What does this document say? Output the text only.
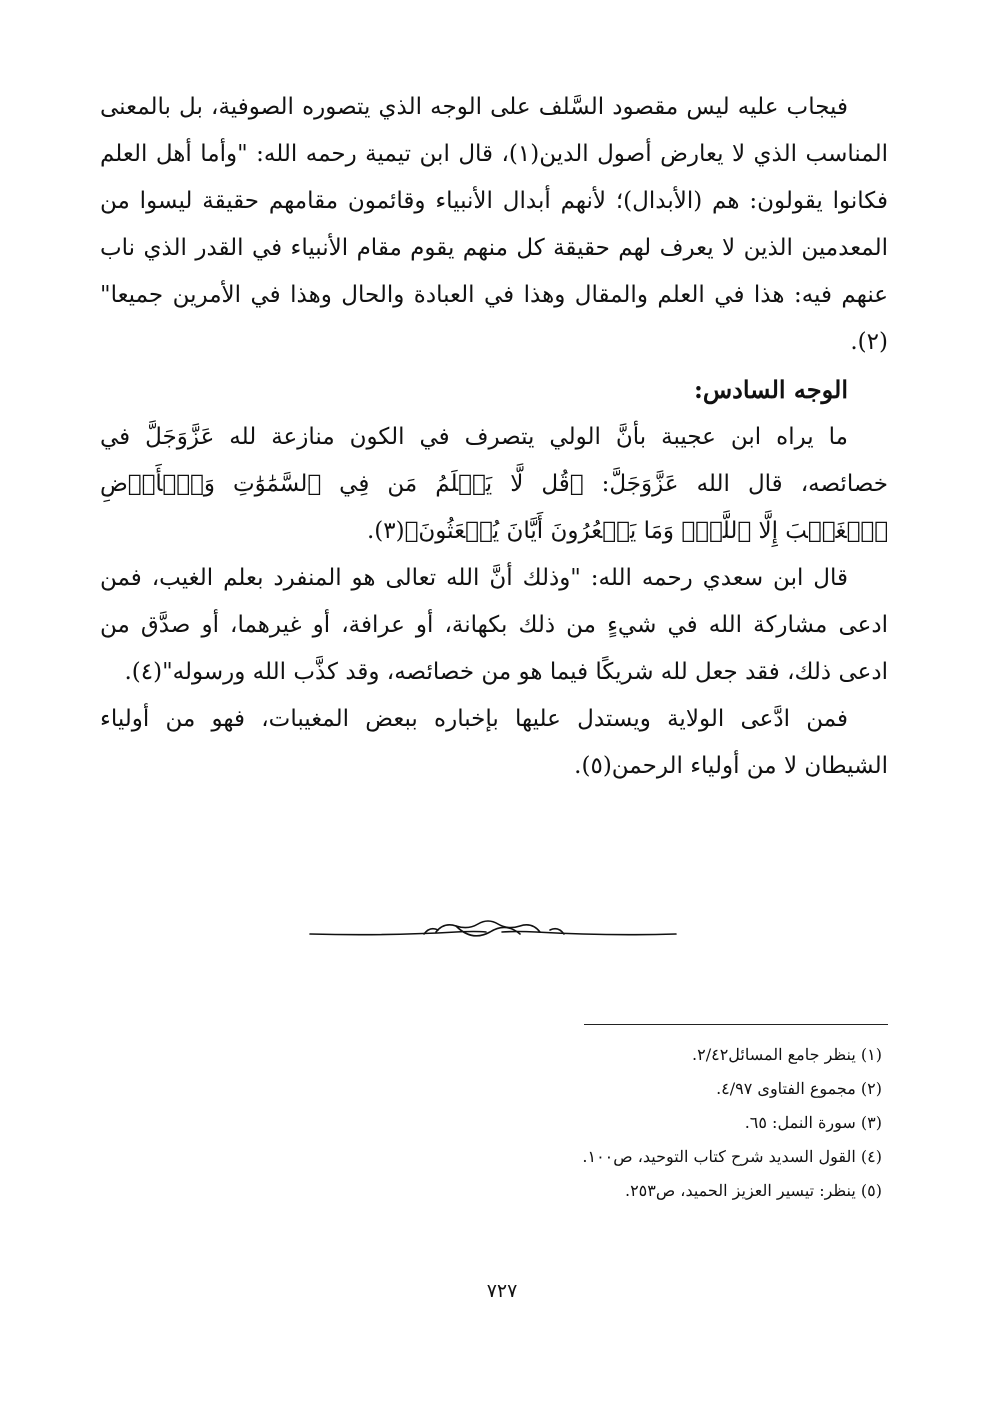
فيجاب عليه ليس مقصود السَّلف على الوجه الذي يتصوره الصوفية، بل بالمعنى المناسب الذي لا يعارض أصول الدين(١)، قال ابن تيمية رحمه الله: "وأما أهل العلم فكانوا يقولون: هم (الأبدال)؛ لأنهم أبدال الأنبياء وقائمون مقامهم حقيقة ليسوا من المعدمين الذين لا يعرف لهم حقيقة كل منهم يقوم مقام الأنبياء في القدر الذي ناب عنهم فيه: هذا في العلم والمقال وهذا في العبادة والحال وهذا في الأمرين جميعا"(٢).

الوجه السادس:

ما يراه ابن عجيبة بأنَّ الولي يتصرف في الكون منازعة لله عَزَّوَجَلَّ في خصائصه، قال الله عَزَّوَجَلَّ: ﴿قُل لَّا يَعۡلَمُ مَن فِي ٱلسَّمَٰوَٰتِ وَٱلۡأَرۡضِ ٱلۡغَيۡبَ إِلَّا ٱللَّهُۚ وَمَا يَشۡعُرُونَ أَيَّانَ يُبۡعَثُونَ﴾(٣).

قال ابن سعدي رحمه الله: "وذلك أنَّ الله تعالى هو المنفرد بعلم الغيب، فمن ادعى مشاركة الله في شيءٍ من ذلك بكهانة، أو عرافة، أو غيرهما، أو صدَّق من ادعى ذلك، فقد جعل لله شريكًا فيما هو من خصائصه، وقد كذَّب الله ورسوله"(٤).

فمن ادَّعى الولاية ويستدل عليها بإخباره ببعض المغيبات، فهو من أولياء الشيطان لا من أولياء الرحمن(٥).

(١) ينظر جامع المسائل٢/٤٢.

(٢) مجموع الفتاوى ٤/٩٧.

(٣) سورة النمل: ٦٥.

(٤) القول السديد شرح كتاب التوحيد، ص١٠٠.

(٥) ينظر: تيسير العزيز الحميد، ص٢٥٣.

٧٢٧
